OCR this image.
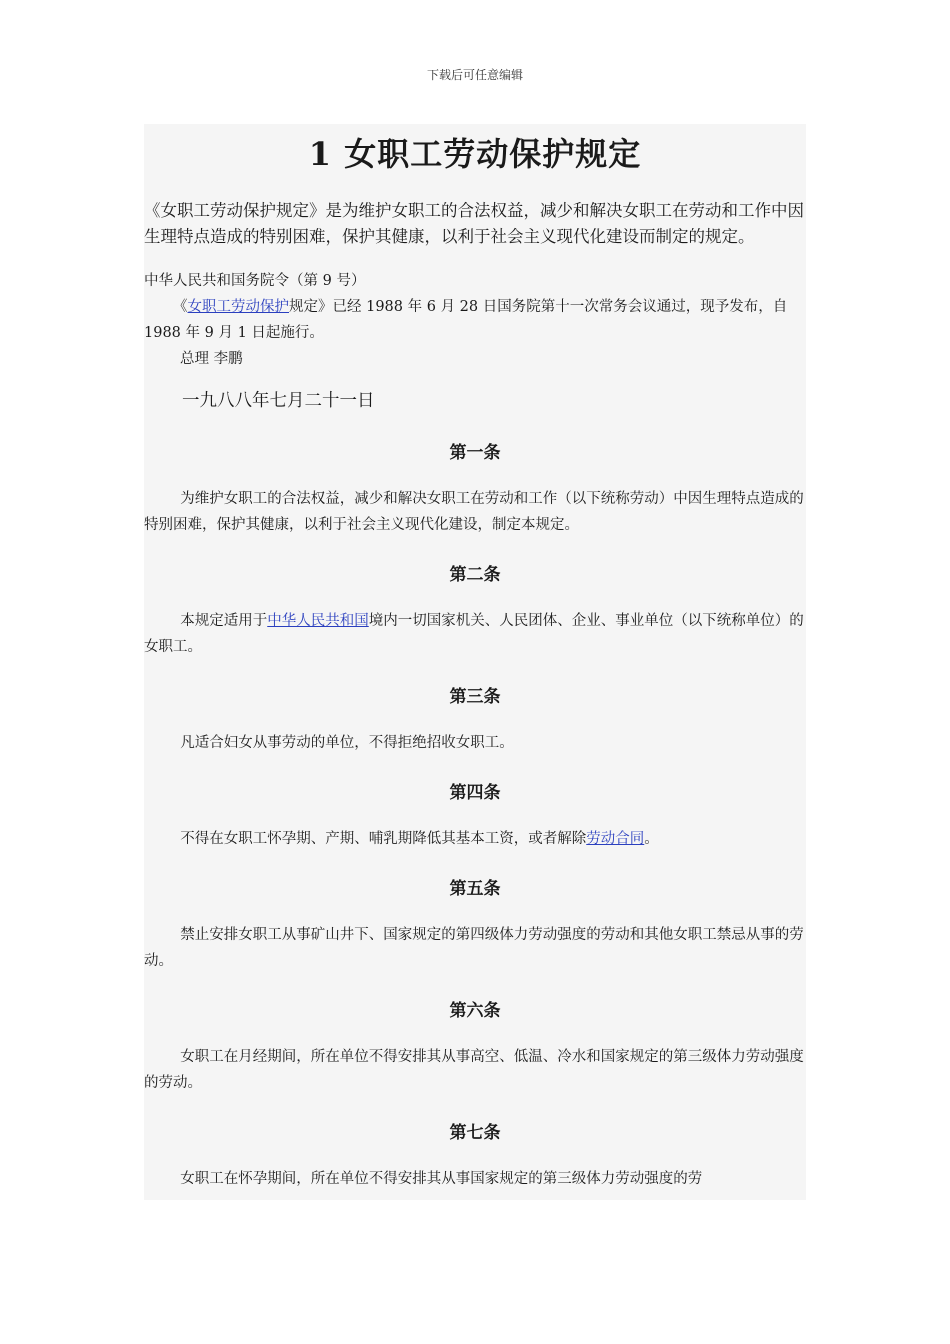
下载后可任意编辑
1 女职工劳动保护规定

《女职工劳动保护规定》是为维护女职工的合法权益，减少和解决女职工在劳动和工作中因生理特点造成的特别困难，保护其健康，以利于社会主义现代化建设而制定的规定。

中华人民共和国务院令（第 9 号）

《女职工劳动保护规定》已经 1988 年 6 月 28 日国务院第十一次常务会议通过，现予发布，自 1988 年 9 月 1 日起施行。

总理 李鹏

一九八八年七月二十一日

第一条

为维护女职工的合法权益，减少和解决女职工在劳动和工作（以下统称劳动）中因生理特点造成的特别困难，保护其健康，以利于社会主义现代化建设，制定本规定。

第二条

本规定适用于中华人民共和国境内一切国家机关、人民团体、企业、事业单位（以下统称单位）的女职工。

第三条

凡适合妇女从事劳动的单位，不得拒绝招收女职工。

第四条

不得在女职工怀孕期、产期、哺乳期降低其基本工资，或者解除劳动合同。

第五条

禁止安排女职工从事矿山井下、国家规定的第四级体力劳动强度的劳动和其他女职工禁忌从事的劳动。

第六条

女职工在月经期间，所在单位不得安排其从事高空、低温、冷水和国家规定的第三级体力劳动强度的劳动。

第七条

女职工在怀孕期间，所在单位不得安排其从事国家规定的第三级体力劳动强度的劳
